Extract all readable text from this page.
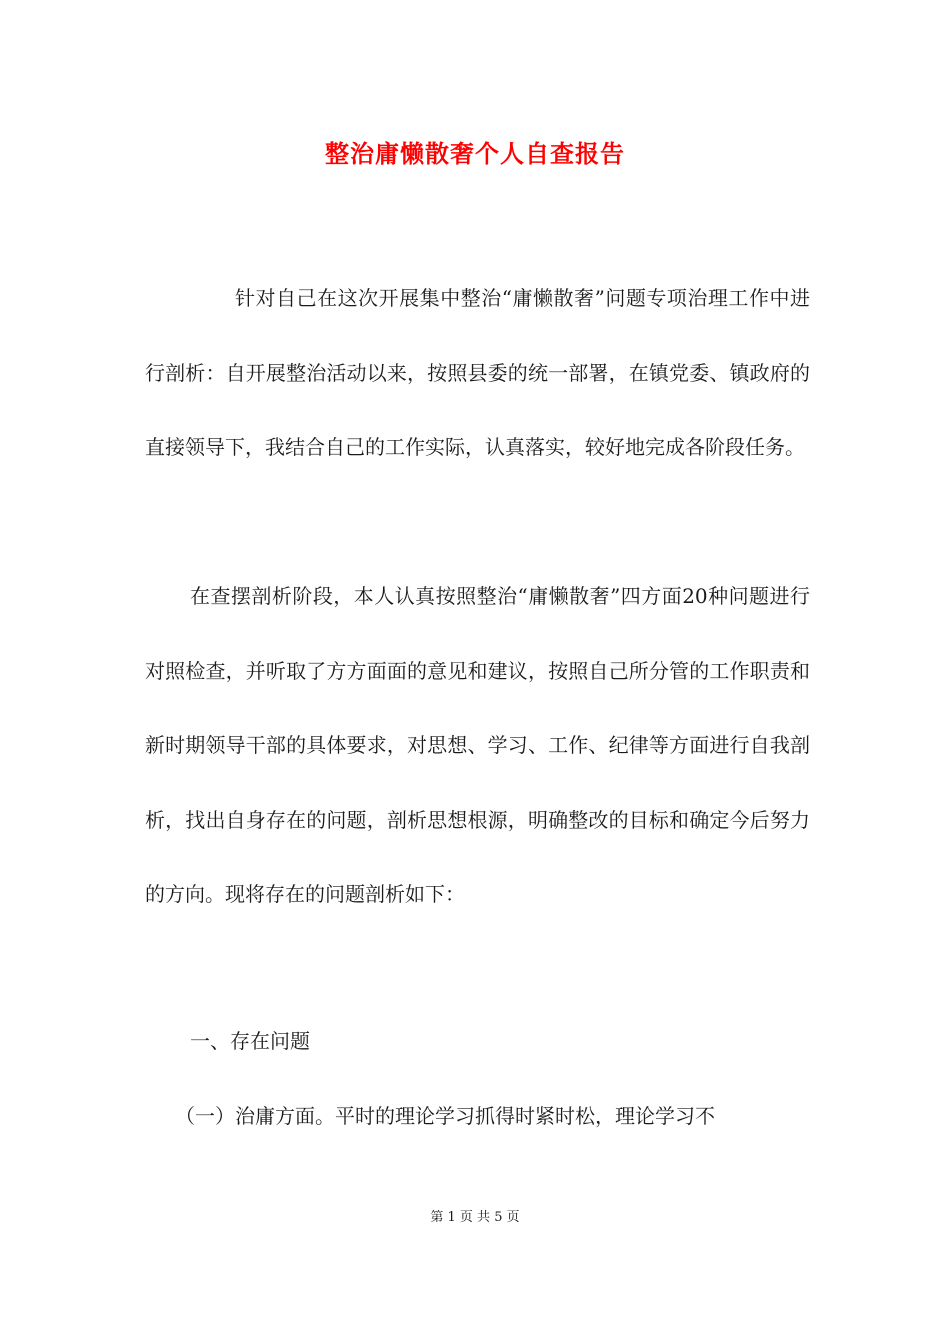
整治庸懒散奢个人自查报告

针对自己在这次开展集中整治“庸懒散奢”问题专项治理工作中进行剖析：自开展整治活动以来，按照县委的统一部署，在镇党委、镇政府的直接领导下，我结合自己的工作实际，认真落实，较好地完成各阶段任务。

在查摆剖析阶段，本人认真按照整治“庸懒散奢”四方面20种问题进行对照检查，并听取了方方面面的意见和建议，按照自己所分管的工作职责和新时期领导干部的具体要求，对思想、学习、工作、纪律等方面进行自我剖析，找出自身存在的问题，剖析思想根源，明确整改的目标和确定今后努力的方向。现将存在的问题剖析如下：

一、存在问题

（一）治庸方面。平时的理论学习抓得时紧时松，理论学习不

第 1 页 共 5 页
